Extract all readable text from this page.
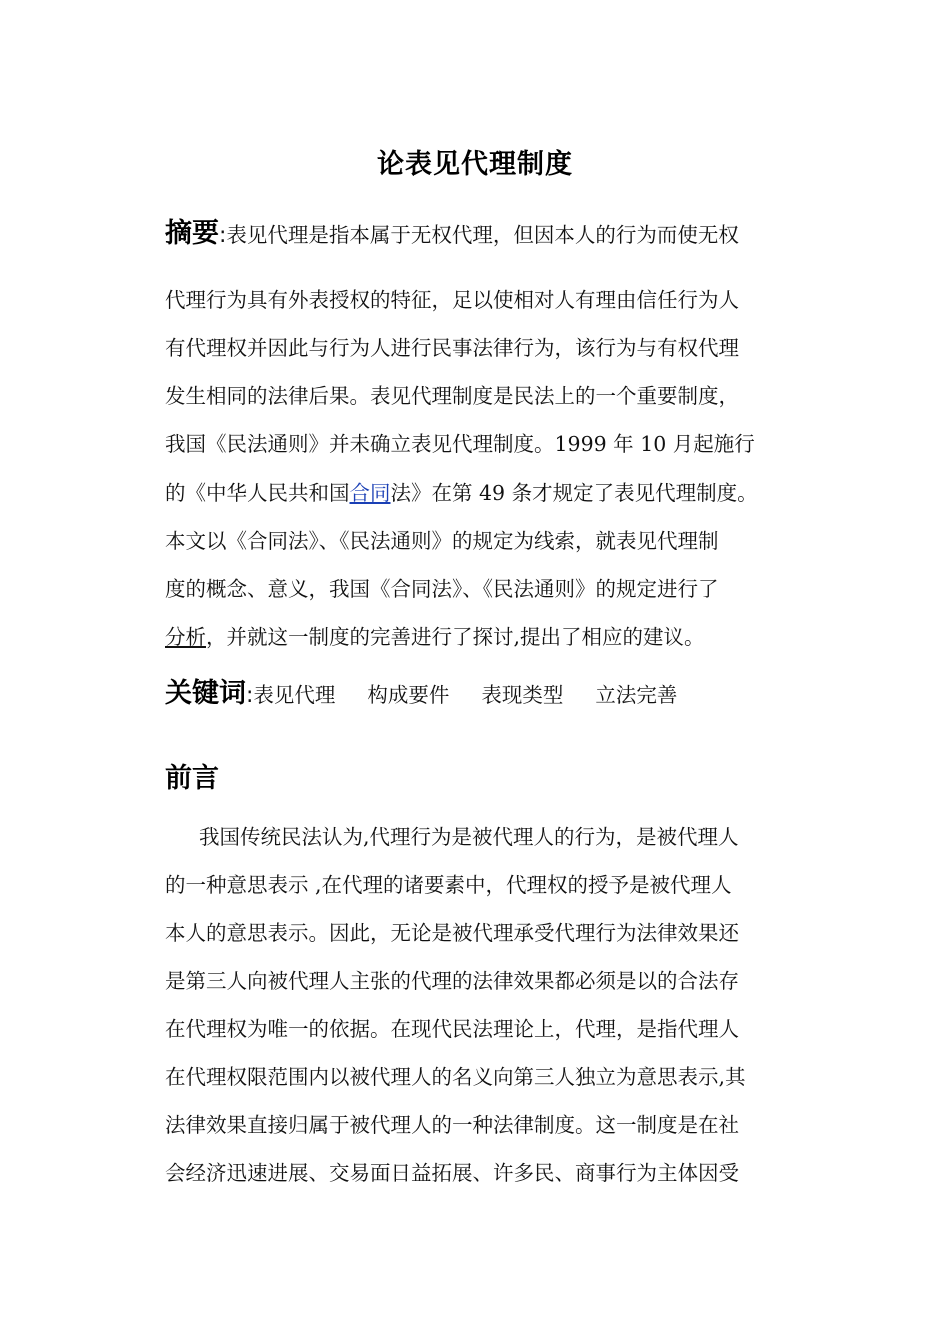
论表见代理制度
摘要:表见代理是指本属于无权代理，但因本人的行为而使无权
代理行为具有外表授权的特征，足以使相对人有理由信任行为人
有代理权并因此与行为人进行民事法律行为，该行为与有权代理
发生相同的法律后果。表见代理制度是民法上的一个重要制度，
我国《民法通则》并未确立表见代理制度。1999 年 10 月起施行
的《中华人民共和国合同法》在第 49 条才规定了表见代理制度。
本文以《合同法》、《民法通则》的规定为线索，就表见代理制
度的概念、意义，我国《合同法》、《民法通则》的规定进行了
分析，并就这一制度的完善进行了探讨,提出了相应的建议。
关键词:表见代理 构成要件 表现类型 立法完善
前言
我国传统民法认为,代理行为是被代理人的行为，是被代理人
的一种意思表示 ,在代理的诸要素中，代理权的授予是被代理人
本人的意思表示。因此，无论是被代理承受代理行为法律效果还
是第三人向被代理人主张的代理的法律效果都必须是以的合法存
在代理权为唯一的依据。在现代民法理论上，代理，是指代理人
在代理权限范围内以被代理人的名义向第三人独立为意思表示,其
法律效果直接归属于被代理人的一种法律制度。这一制度是在社
会经济迅速进展、交易面日益拓展、许多民、商事行为主体因受
